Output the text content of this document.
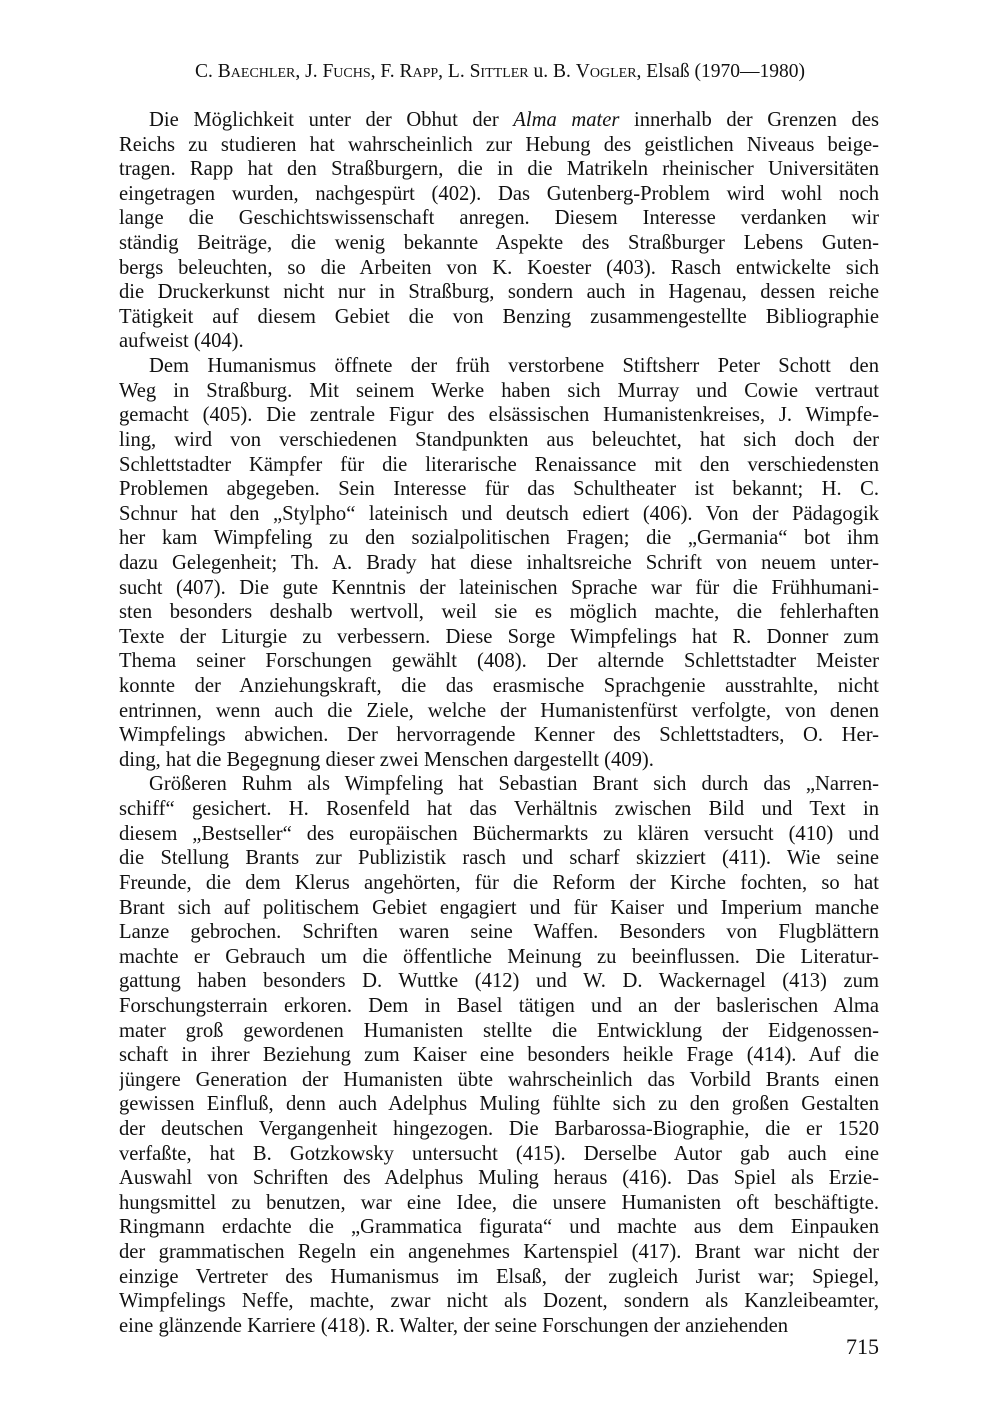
C. Baechler, J. Fuchs, F. Rapp, L. Sittler u. B. Vogler, Elsaß (1970—1980)
Die Möglichkeit unter der Obhut der Alma mater innerhalb der Grenzen des
Reichs zu studieren hat wahrscheinlich zur Hebung des geistlichen Niveaus beige-
tragen. Rapp hat den Straßburgern, die in die Matrikeln rheinischer Universitäten
eingetragen wurden, nachgespürt (402). Das Gutenberg-Problem wird wohl noch
lange die Geschichtswissenschaft anregen. Diesem Interesse verdanken wir
ständig Beiträge, die wenig bekannte Aspekte des Straßburger Lebens Guten-
bergs beleuchten, so die Arbeiten von K. Koester (403). Rasch entwickelte sich
die Druckerkunst nicht nur in Straßburg, sondern auch in Hagenau, dessen reiche
Tätigkeit auf diesem Gebiet die von Benzing zusammengestellte Bibliographie
aufweist (404).
Dem Humanismus öffnete der früh verstorbene Stiftsherr Peter Schott den
Weg in Straßburg. Mit seinem Werke haben sich Murray und Cowie vertraut
gemacht (405). Die zentrale Figur des elsässischen Humanistenkreises, J. Wimpfe-
ling, wird von verschiedenen Standpunkten aus beleuchtet, hat sich doch der
Schlettstadter Kämpfer für die literarische Renaissance mit den verschiedensten
Problemen abgegeben. Sein Interesse für das Schultheater ist bekannt; H. C.
Schnur hat den „Stylpho“ lateinisch und deutsch ediert (406). Von der Pädagogik
her kam Wimpfeling zu den sozialpolitischen Fragen; die „Germania“ bot ihm
dazu Gelegenheit; Th. A. Brady hat diese inhaltsreiche Schrift von neuem unter-
sucht (407). Die gute Kenntnis der lateinischen Sprache war für die Frühhumani-
sten besonders deshalb wertvoll, weil sie es möglich machte, die fehlerhaften
Texte der Liturgie zu verbessern. Diese Sorge Wimpfelings hat R. Donner zum
Thema seiner Forschungen gewählt (408). Der alternde Schlettstadter Meister
konnte der Anziehungskraft, die das erasmische Sprachgenie ausstrahlte, nicht
entrinnen, wenn auch die Ziele, welche der Humanistenfürst verfolgte, von denen
Wimpfelings abwichen. Der hervorragende Kenner des Schlettstadters, O. Her-
ding, hat die Begegnung dieser zwei Menschen dargestellt (409).
Größeren Ruhm als Wimpfeling hat Sebastian Brant sich durch das „Narren-
schiff“ gesichert. H. Rosenfeld hat das Verhältnis zwischen Bild und Text in
diesem „Bestseller“ des europäischen Büchermarkts zu klären versucht (410) und
die Stellung Brants zur Publizistik rasch und scharf skizziert (411). Wie seine
Freunde, die dem Klerus angehörten, für die Reform der Kirche fochten, so hat
Brant sich auf politischem Gebiet engagiert und für Kaiser und Imperium manche
Lanze gebrochen. Schriften waren seine Waffen. Besonders von Flugblättern
machte er Gebrauch um die öffentliche Meinung zu beeinflussen. Die Literatur-
gattung haben besonders D. Wuttke (412) und W. D. Wackernagel (413) zum
Forschungsterrain erkoren. Dem in Basel tätigen und an der baslerischen Alma
mater groß gewordenen Humanisten stellte die Entwicklung der Eidgenossen-
schaft in ihrer Beziehung zum Kaiser eine besonders heikle Frage (414). Auf die
jüngere Generation der Humanisten übte wahrscheinlich das Vorbild Brants einen
gewissen Einfluß, denn auch Adelphus Muling fühlte sich zu den großen Gestalten
der deutschen Vergangenheit hingezogen. Die Barbarossa-Biographie, die er 1520
verfaßte, hat B. Gotzkowsky untersucht (415). Derselbe Autor gab auch eine
Auswahl von Schriften des Adelphus Muling heraus (416). Das Spiel als Erzie-
hungsmittel zu benutzen, war eine Idee, die unsere Humanisten oft beschäftigte.
Ringmann erdachte die „Grammatica figurata“ und machte aus dem Einpauken
der grammatischen Regeln ein angenehmes Kartenspiel (417). Brant war nicht der
einzige Vertreter des Humanismus im Elsaß, der zugleich Jurist war; Spiegel,
Wimpfelings Neffe, machte, zwar nicht als Dozent, sondern als Kanzleibeamter,
eine glänzende Karriere (418). R. Walter, der seine Forschungen der anziehenden
715
